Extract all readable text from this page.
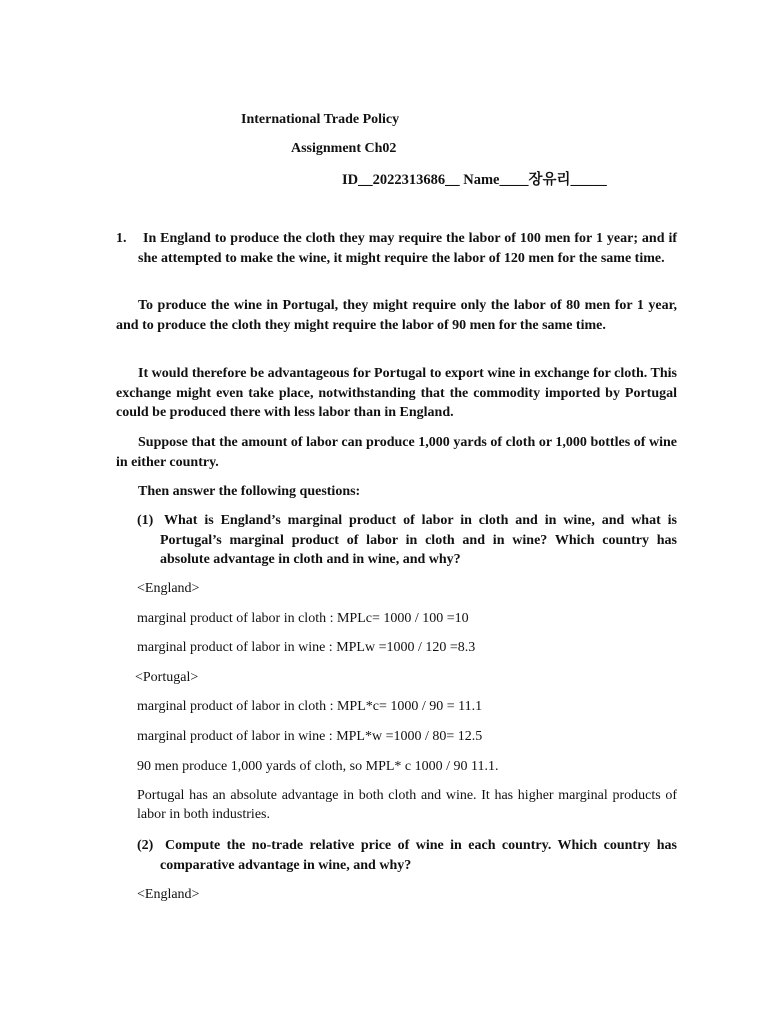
International Trade Policy
Assignment Ch02
ID__2022313686__ Name____장유리_____
1.	In England to produce the cloth they may require the labor of 100 men for 1 year; and if she attempted to make the wine, it might require the labor of 120 men for the same time.
To produce the wine in Portugal, they might require only the labor of 80 men for 1 year, and to produce the cloth they might require the labor of 90 men for the same time.
It would therefore be advantageous for Portugal to export wine in exchange for cloth. This exchange might even take place, notwithstanding that the commodity imported by Portugal could be produced there with less labor than in England.
Suppose that the amount of labor can produce 1,000 yards of cloth or 1,000 bottles of wine in either country.
Then answer the following questions:
(1) What is England’s marginal product of labor in cloth and in wine, and what is Portugal’s marginal product of labor in cloth and in wine? Which country has absolute advantage in cloth and in wine, and why?
<England>
marginal product of labor in cloth : MPLc= 1000 / 100 =10
marginal product of labor in wine : MPLw =1000 / 120 =8.3
<Portugal>
marginal product of labor in cloth : MPL*c= 1000 / 90 = 11.1
marginal product of labor in wine : MPL*w =1000 / 80= 12.5
90 men produce 1,000 yards of cloth, so MPL* c 1000 / 90 11.1.
Portugal has an absolute advantage in both cloth and wine. It has higher marginal products of labor in both industries.
(2) Compute the no-trade relative price of wine in each country. Which country has comparative advantage in wine, and why?
<England>
